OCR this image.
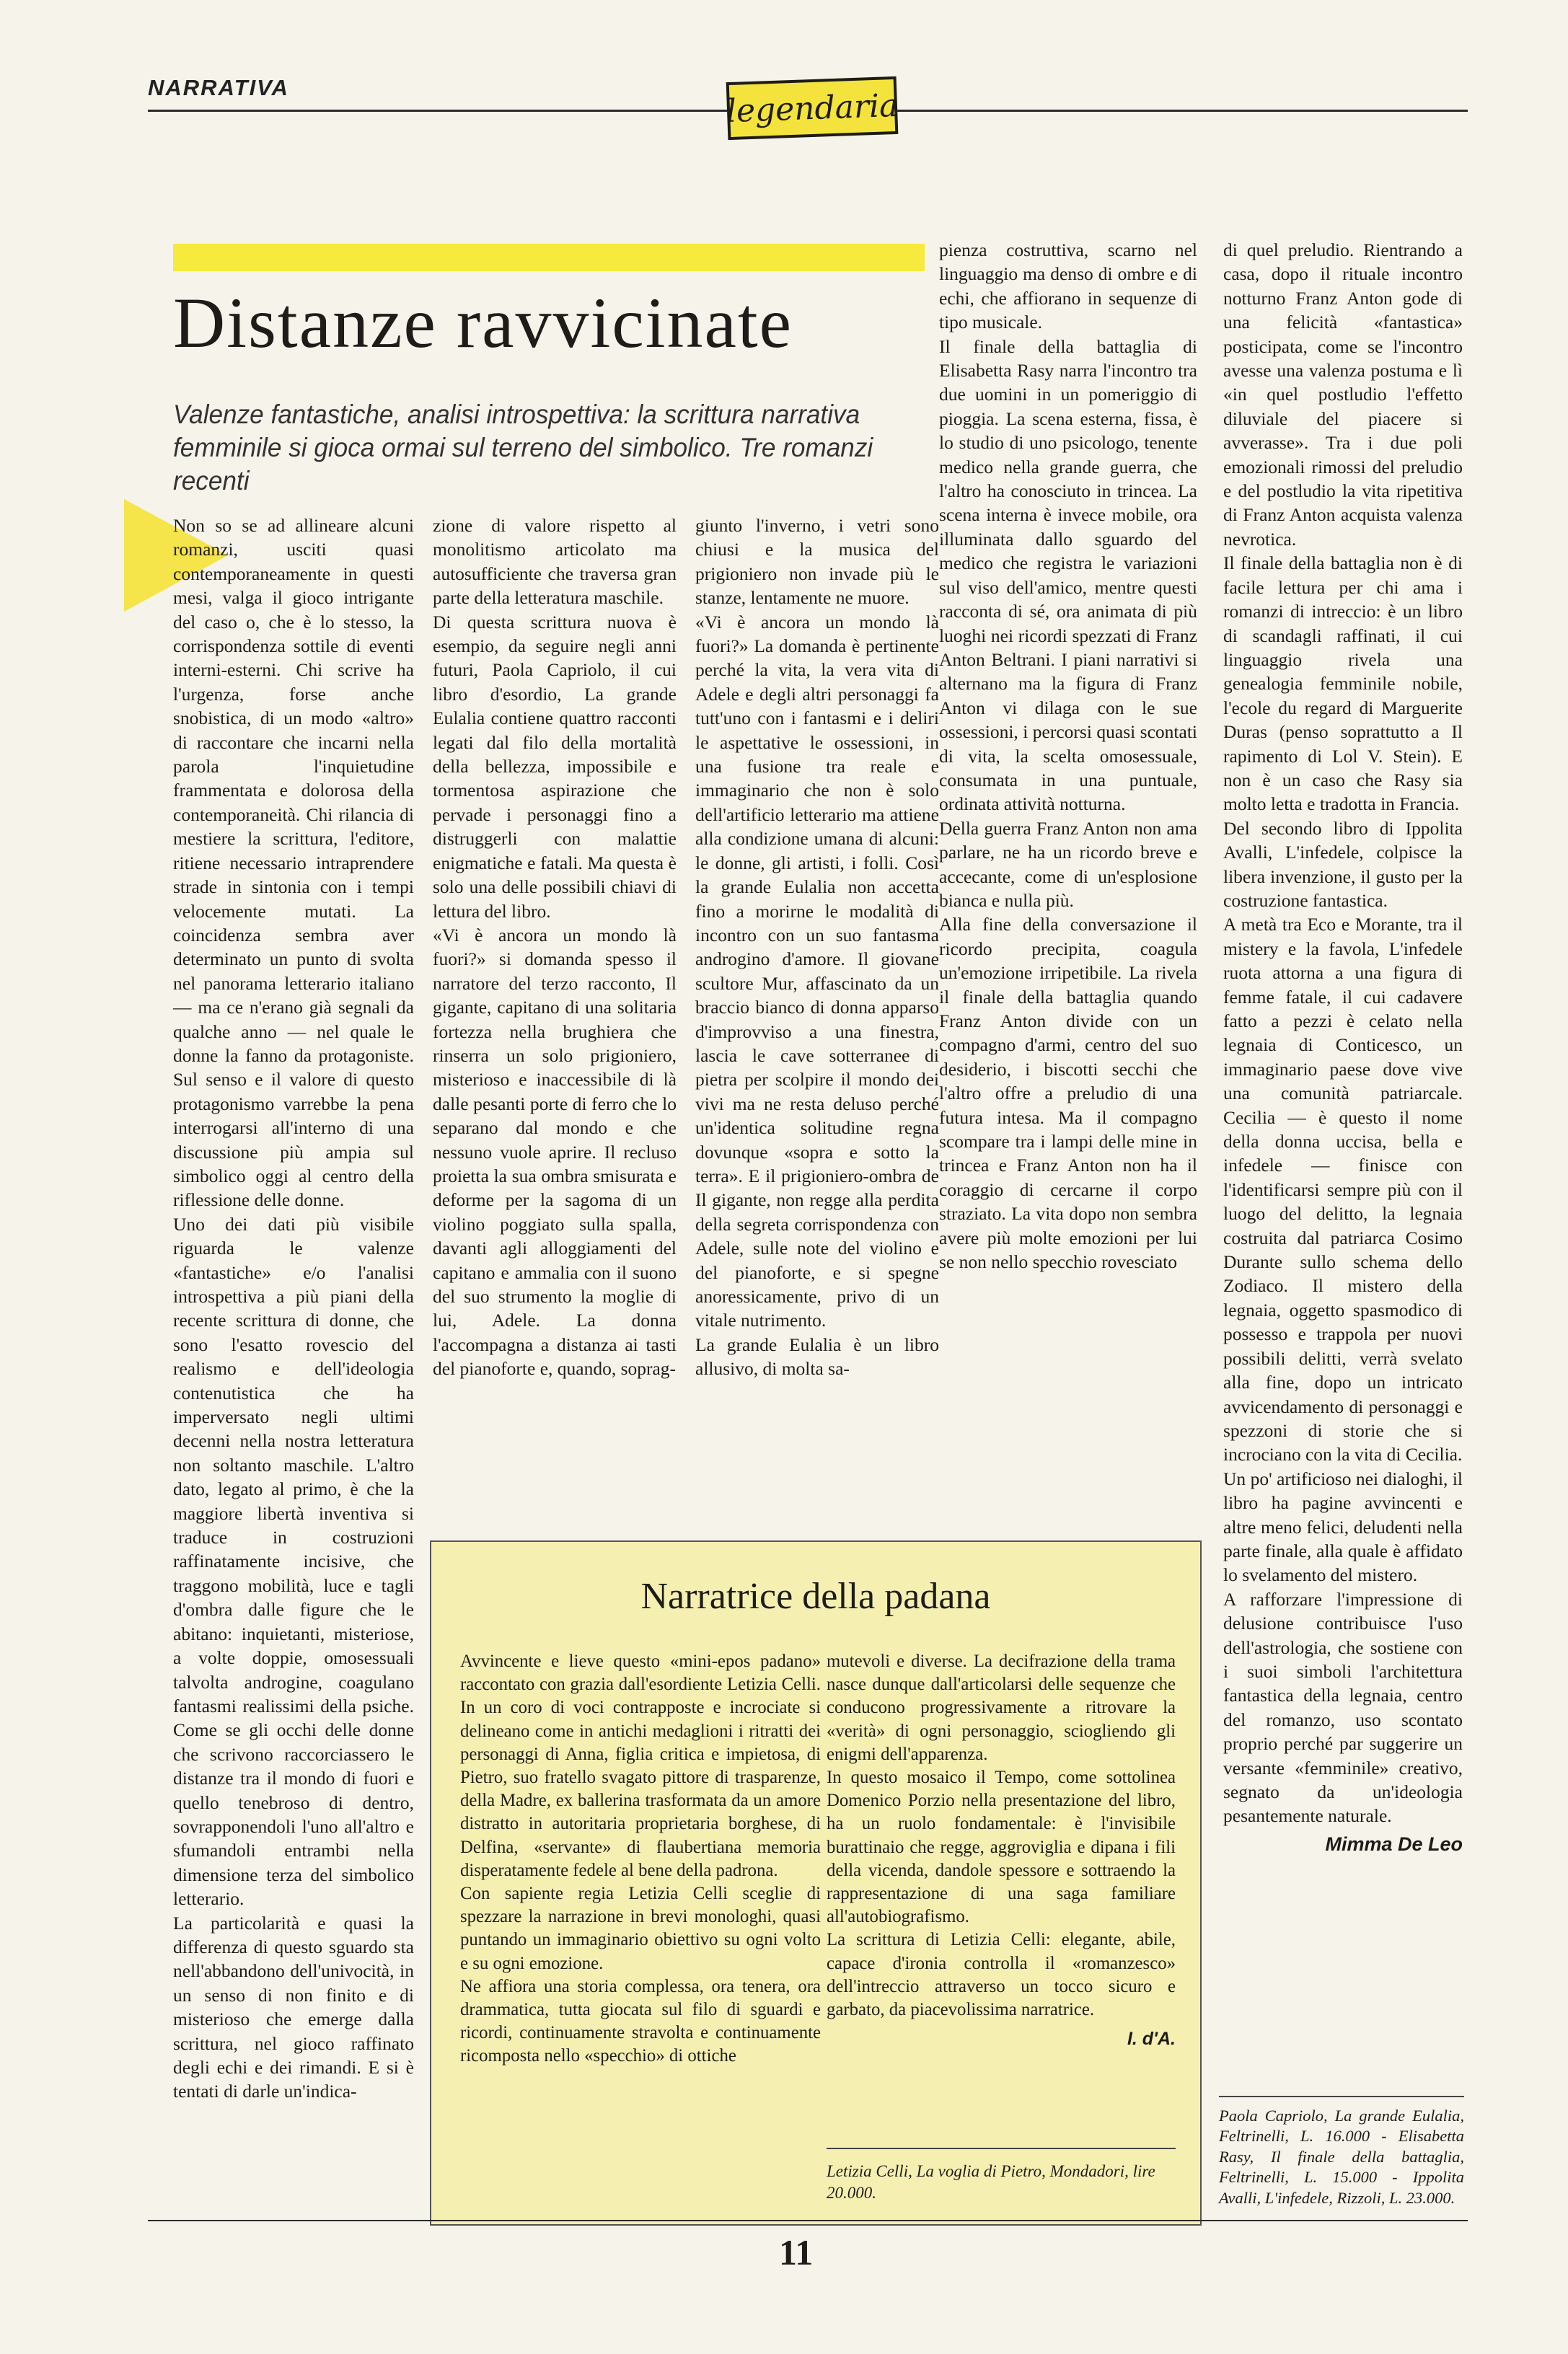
NARRATIVA	legendaria
Distanze ravvicinate
Valenze fantastiche, analisi introspettiva: la scrittura narrativa femminile si gioca ormai sul terreno del simbolico. Tre romanzi recenti

Non so se ad allineare alcuni romanzi, usciti quasi contemporaneamente in questi mesi, valga il gioco intrigante del caso o, che è lo stesso, la corrispondenza sottile di eventi interni-esterni. Chi scrive ha l'urgenza, forse anche snobistica, di un modo «altro» di raccontare che incarni nella parola l'inquietudine frammentata e dolorosa della contemporaneità. Chi rilancia di mestiere la scrittura, l'editore, ritiene necessario intraprendere strade in sintonia con i tempi velocemente mutati. La coincidenza sembra aver determinato un punto di svolta nel panorama letterario italiano — ma ce n'erano già segnali da qualche anno — nel quale le donne la fanno da protagoniste. Sul senso e il valore di questo protagonismo varrebbe la pena interrogarsi all'interno di una discussione più ampia sul simbolico oggi al centro della riflessione delle donne.

Uno dei dati più visibile riguarda le valenze «fantastiche» e/o l'analisi introspettiva a più piani della recente scrittura di donne, che sono l'esatto rovescio del realismo e dell'ideologia contenutistica che ha imperversato negli ultimi decenni nella nostra letteratura non soltanto maschile. L'altro dato, legato al primo, è che la maggiore libertà inventiva si traduce in costruzioni raffinatamente incisive, che traggono mobilità, luce e tagli d'ombra dalle figure che le abitano: inquietanti, misteriose, a volte doppie, omosessuali talvolta androgine, coagulano fantasmi realissimi della psiche. Come se gli occhi delle donne che scrivono raccorciassero le distanze tra il mondo di fuori e quello tenebroso di dentro, sovrapponendoli l'uno all'altro e sfumandoli entrambi nella dimensione terza del simbolico letterario.

La particolarità e quasi la differenza di questo sguardo sta nell'abbandono dell'univocità, in un senso di non finito e di misterioso che emerge dalla scrittura, nel gioco raffinato degli echi e dei rimandi. E si è tentati di darle un'indica-

zione di valore rispetto al monolitismo articolato ma autosufficiente che traversa gran parte della letteratura maschile.

Di questa scrittura nuova è esempio, da seguire negli anni futuri, Paola Capriolo, il cui libro d'esordio, La grande Eulalia contiene quattro racconti legati dal filo della mortalità della bellezza, impossibile e tormentosa aspirazione che pervade i personaggi fino a distruggerli con malattie enigmatiche e fatali. Ma questa è solo una delle possibili chiavi di lettura del libro.

«Vi è ancora un mondo là fuori?» si domanda spesso il narratore del terzo racconto, Il gigante, capitano di una solitaria fortezza nella brughiera che rinserra un solo prigioniero, misterioso e inaccessibile di là dalle pesanti porte di ferro che lo separano dal mondo e che nessuno vuole aprire. Il recluso proietta la sua ombra smisurata e deforme per la sagoma di un violino poggiato sulla spalla, davanti agli alloggiamenti del capitano e ammalia con il suono del suo strumento la moglie di lui, Adele. La donna l'accompagna a distanza ai tasti del pianoforte e, quando, soprag-

giunto l'inverno, i vetri sono chiusi e la musica del prigioniero non invade più le stanze, lentamente ne muore.

«Vi è ancora un mondo là fuori?» La domanda è pertinente perché la vita, la vera vita di Adele e degli altri personaggi fa tutt'uno con i fantasmi e i deliri le aspettative le ossessioni, in una fusione tra reale e immaginario che non è solo dell'artificio letterario ma attiene alla condizione umana di alcuni: le donne, gli artisti, i folli. Così la grande Eulalia non accetta fino a morirne le modalità di incontro con un suo fantasma androgino d'amore. Il giovane scultore Mur, affascinato da un braccio bianco di donna apparso d'improvviso a una finestra, lascia le cave sotterranee di pietra per scolpire il mondo dei vivi ma ne resta deluso perché un'identica solitudine regna dovunque «sopra e sotto la terra». E il prigioniero-ombra de Il gigante, non regge alla perdita della segreta corrispondenza con Adele, sulle note del violino e del pianoforte, e si spegne anoressicamente, privo di un vitale nutrimento.

La grande Eulalia è un libro allusivo, di molta sa-

pienza costruttiva, scarno nel linguaggio ma denso di ombre e di echi, che affiorano in sequenze di tipo musicale.

Il finale della battaglia di Elisabetta Rasy narra l'incontro tra due uomini in un pomeriggio di pioggia. La scena esterna, fissa, è lo studio di uno psicologo, tenente medico nella grande guerra, che l'altro ha conosciuto in trincea. La scena interna è invece mobile, ora illuminata dallo sguardo del medico che registra le variazioni sul viso dell'amico, mentre questi racconta di sé, ora animata di più luoghi nei ricordi spezzati di Franz Anton Beltrani. I piani narrativi si alternano ma la figura di Franz Anton vi dilaga con le sue ossessioni, i percorsi quasi scontati di vita, la scelta omosessuale, consumata in una puntuale, ordinata attività notturna.

Della guerra Franz Anton non ama parlare, ne ha un ricordo breve e accecante, come di un'esplosione bianca e nulla più.

Alla fine della conversazione il ricordo precipita, coagula un'emozione irripetibile. La rivela il finale della battaglia quando Franz Anton divide con un compagno d'armi, centro del suo desiderio, i biscotti secchi che l'altro offre a preludio di una futura intesa. Ma il compagno scompare tra i lampi delle mine in trincea e Franz Anton non ha il coraggio di cercarne il corpo straziato. La vita dopo non sembra avere più molte emozioni per lui se non nello specchio rovesciato

di quel preludio. Rientrando a casa, dopo il rituale incontro notturno Franz Anton gode di una felicità «fantastica» posticipata, come se l'incontro avesse una valenza postuma e lì «in quel postludio l'effetto diluviale del piacere si avverasse». Tra i due poli emozionali rimossi del preludio e del postludio la vita ripetitiva di Franz Anton acquista valenza nevrotica.

Il finale della battaglia non è di facile lettura per chi ama i romanzi di intreccio: è un libro di scandagli raffinati, il cui linguaggio rivela una genealogia femminile nobile, l'ecole du regard di Marguerite Duras (penso soprattutto a Il rapimento di Lol V. Stein). E non è un caso che Rasy sia molto letta e tradotta in Francia.

Del secondo libro di Ippolita Avalli, L'infedele, colpisce la libera invenzione, il gusto per la costruzione fantastica.

A metà tra Eco e Morante, tra il mistery e la favola, L'infedele ruota attorna a una figura di femme fatale, il cui cadavere fatto a pezzi è celato nella legnaia di Conticesco, un immaginario paese dove vive una comunità patriarcale. Cecilia — è questo il nome della donna uccisa, bella e infedele — finisce con l'identificarsi sempre più con il luogo del delitto, la legnaia costruita dal patriarca Cosimo Durante sullo schema dello Zodiaco. Il mistero della legnaia, oggetto spasmodico di possesso e trappola per nuovi possibili delitti, verrà svelato alla fine, dopo un intricato avvicendamento di personaggi e spezzoni di storie che si incrociano con la vita di Cecilia.

Un po' artificioso nei dialoghi, il libro ha pagine avvincenti e altre meno felici, deludenti nella parte finale, alla quale è affidato lo svelamento del mistero.

A rafforzare l'impressione di delusione contribuisce l'uso dell'astrologia, che sostiene con i suoi simboli l'architettura fantastica della legnaia, centro del romanzo, uso scontato proprio perché par suggerire un versante «femminile» creativo, segnato da un'ideologia pesantemente naturale.

Mimma De Leo
Narratrice della padana

Avvincente e lieve questo «mini-epos padano» raccontato con grazia dall'esordiente Letizia Celli. In un coro di voci contrapposte e incrociate si delineano come in antichi medaglioni i ritratti dei personaggi di Anna, figlia critica e impietosa, di Pietro, suo fratello svagato pittore di trasparenze, della Madre, ex ballerina trasformata da un amore distratto in autoritaria proprietaria borghese, di Delfina, «servante» di flaubertiana memoria disperatamente fedele al bene della padrona.

Con sapiente regia Letizia Celli sceglie di spezzare la narrazione in brevi monologhi, quasi puntando un immaginario obiettivo su ogni volto e su ogni emozione.

Ne affiora una storia complessa, ora tenera, ora drammatica, tutta giocata sul filo di sguardi e ricordi, continuamente stravolta e continuamente ricomposta nello «specchio» di ottiche

mutevoli e diverse. La decifrazione della trama nasce dunque dall'articolarsi delle sequenze che conducono progressivamente a ritrovare la «verità» di ogni personaggio, sciogliendo gli enigmi dell'apparenza.

In questo mosaico il Tempo, come sottolinea Domenico Porzio nella presentazione del libro, ha un ruolo fondamentale: è l'invisibile burattinaio che regge, aggroviglia e dipana i fili della vicenda, dandole spessore e sottraendo la rappresentazione di una saga familiare all'autobiografismo.

La scrittura di Letizia Celli: elegante, abile, capace d'ironia controlla il «romanzesco» dell'intreccio attraverso un tocco sicuro e garbato, da piacevolissima narratrice.

I. d'A.
Letizia Celli, La voglia di Pietro, Mondadori, lire 20.000.
Paola Capriolo, La grande Eulalia, Feltrinelli, L. 16.000 - Elisabetta Rasy, Il finale della battaglia, Feltrinelli, L. 15.000 - Ippolita Avalli, L'infedele, Rizzoli, L. 23.000.
11
